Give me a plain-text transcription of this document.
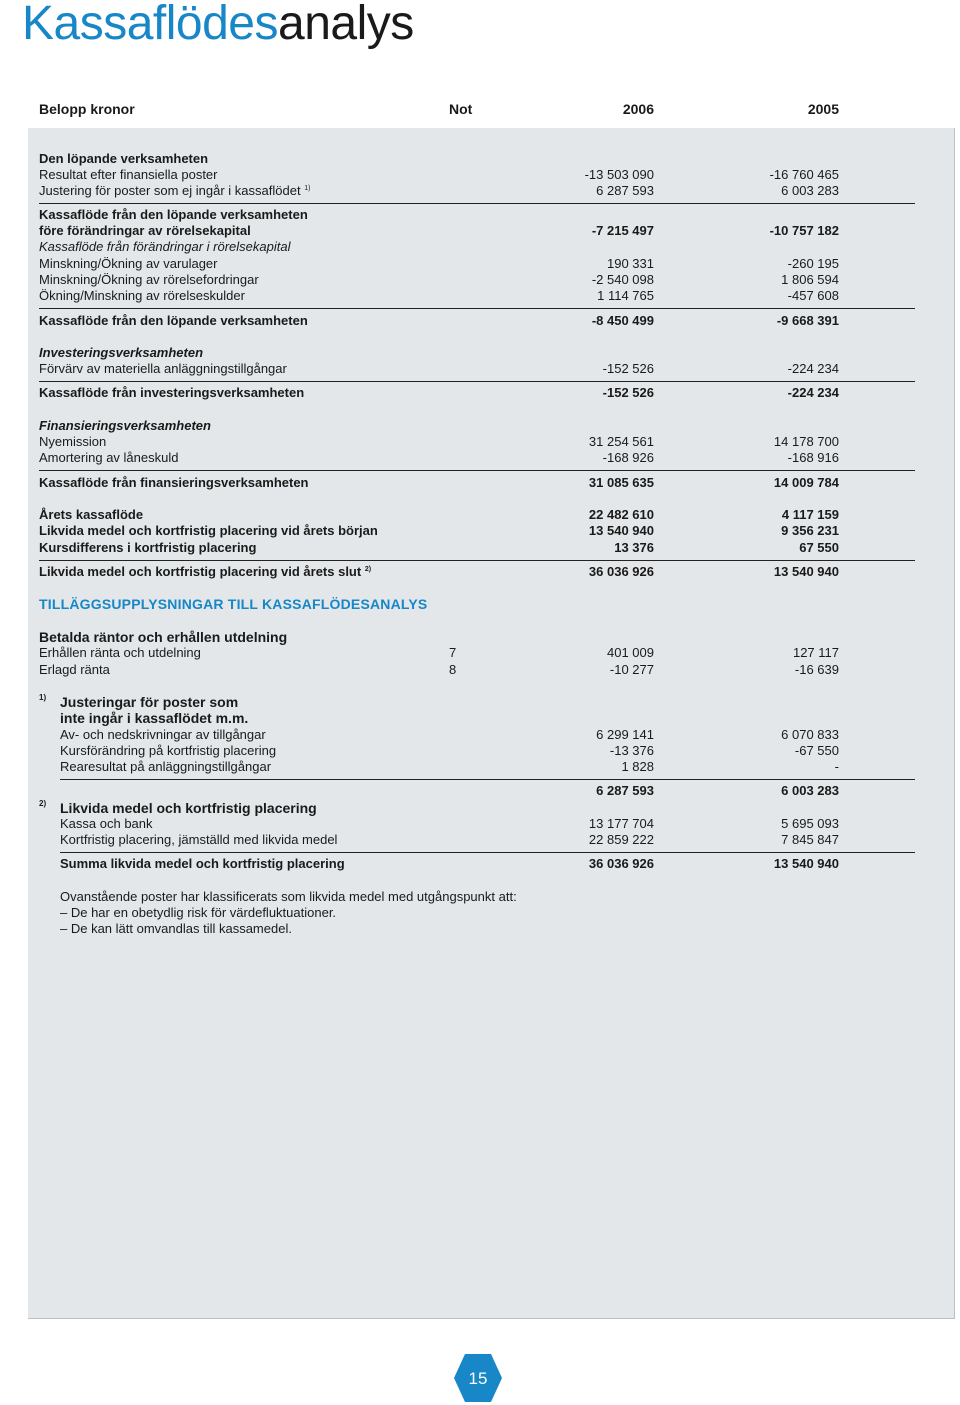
Kassaflödesanalys
Belopp kronor	Not	2006	2005
Den löpande verksamheten
Resultat efter finansiella poster	-13 503 090	-16 760 465
Justering för poster som ej ingår i kassaflödet $^{1)}$	6 287 593	6 003 283
Kassaflöde från den löpande verksamheten
före förändringar av rörelsekapital	-7 215 497	-10 757 182
Kassaflöde från förändringar i rörelsekapital
Minskning/Ökning av varulager	190 331	-260 195
Minskning/Ökning av rörelsefordringar	-2 540 098	1 806 594
Ökning/Minskning av rörelseskulder	1 114 765	-457 608
Kassaflöde från den löpande verksamheten	-8 450 499	-9 668 391
Investeringsverksamheten
Förvärv av materiella anläggningstillgångar	-152 526	-224 234
Kassaflöde från investeringsverksamheten	-152 526	-224 234
Finansieringsverksamheten
Nyemission	31 254 561	14 178 700
Amortering av låneskuld	-168 926	-168 916
Kassaflöde från finansieringsverksamheten	31 085 635	14 009 784
Årets kassaflöde	22 482 610	4 117 159
Likvida medel och kortfristig placering vid årets början	13 540 940	9 356 231
Kursdifferens i kortfristig placering	13 376	67 550
Likvida medel och kortfristig placering vid årets slut $^{2)}$	36 036 926	13 540 940
TILLÄGGSUPPLYSNINGAR TILL KASSAFLÖDESANALYS
Betalda räntor och erhållen utdelning
Erhållen ränta och utdelning	7	401 009	127 117
Erlagd ränta	8	-10 277	-16 639
1) Justeringar för poster som
inte ingår i kassaflödet m.m.
Av- och nedskrivningar av tillgångar	6 299 141	6 070 833
Kursförändring på kortfristig placering	-13 376	-67 550
Rearesultat på anläggningstillgångar	1 828	-
6 287 593	6 003 283
2) Likvida medel och kortfristig placering
Kassa och bank	13 177 704	5 695 093
Kortfristig placering, jämställd med likvida medel	22 859 222	7 845 847
Summa likvida medel och kortfristig placering	36 036 926	13 540 940
Ovanstående poster har klassificerats som likvida medel med utgångspunkt att:
– De har en obetydlig risk för värdefluktuationer.
– De kan lätt omvandlas till kassamedel.
15
